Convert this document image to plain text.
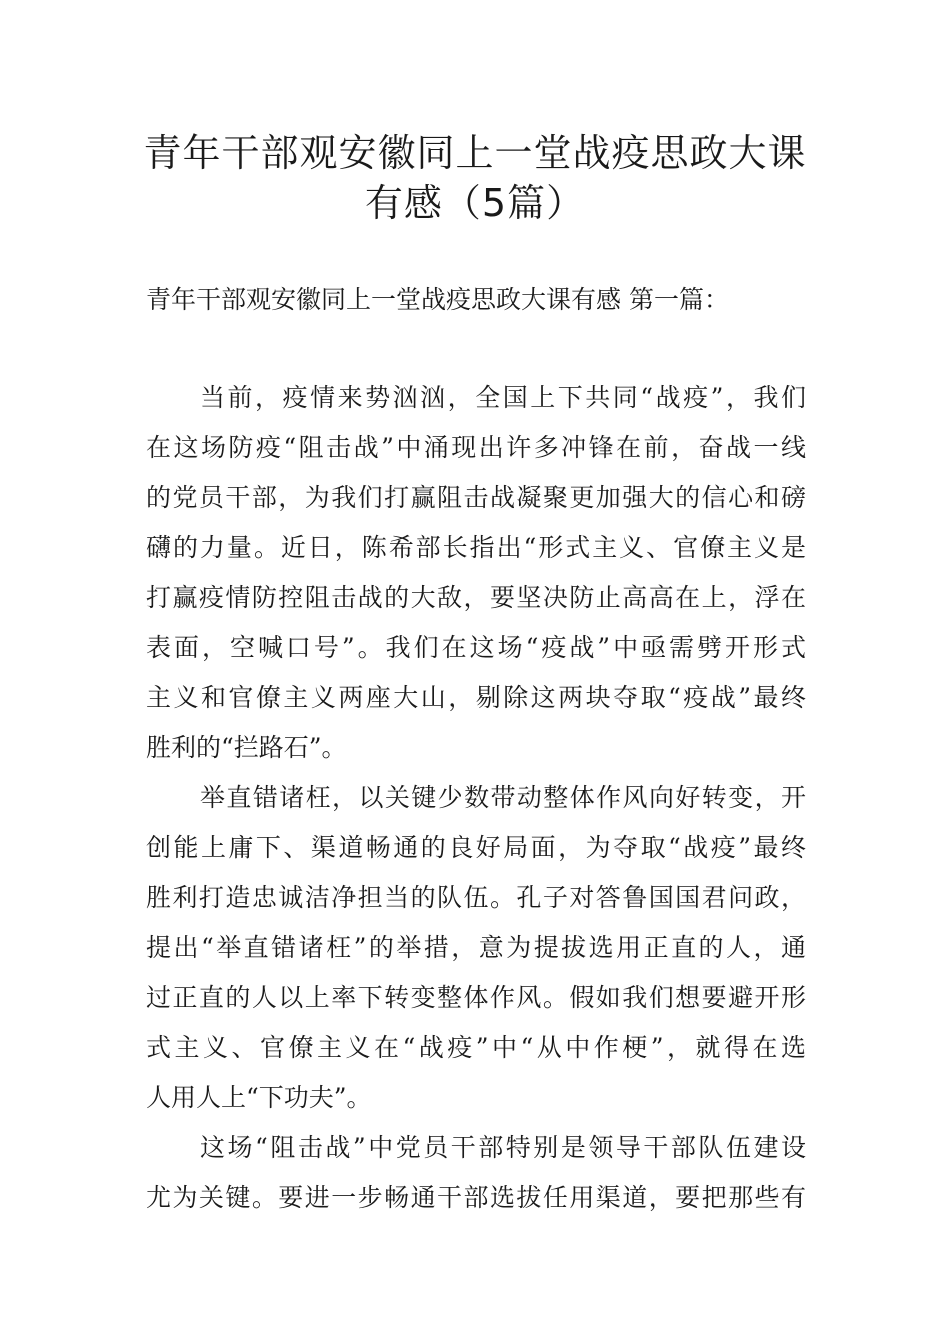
青年干部观安徽同上一堂战疫思政大课
有感（5篇）

青年干部观安徽同上一堂战疫思政大课有感 第一篇：

当前，疫情来势汹汹，全国上下共同“战疫”，我们

在这场防疫“阻击战”中涌现出许多冲锋在前，奋战一线

的党员干部，为我们打赢阻击战凝聚更加强大的信心和磅

礴的力量。近日，陈希部长指出“形式主义、官僚主义是

打赢疫情防控阻击战的大敌，要坚决防止高高在上，浮在

表面，空喊口号”。我们在这场“疫战”中亟需劈开形式

主义和官僚主义两座大山，剔除这两块夺取“疫战”最终

胜利的“拦路石”。

举直错诸枉，以关键少数带动整体作风向好转变，开

创能上庸下、渠道畅通的良好局面，为夺取“战疫”最终

胜利打造忠诚洁净担当的队伍。孔子对答鲁国国君问政，

提出“举直错诸枉”的举措，意为提拔选用正直的人，通

过正直的人以上率下转变整体作风。假如我们想要避开形

式主义、官僚主义在“战疫”中“从中作梗”，就得在选

人用人上“下功夫”。

这场“阻击战”中党员干部特别是领导干部队伍建设

尤为关键。要进一步畅通干部选拔任用渠道，要把那些有
